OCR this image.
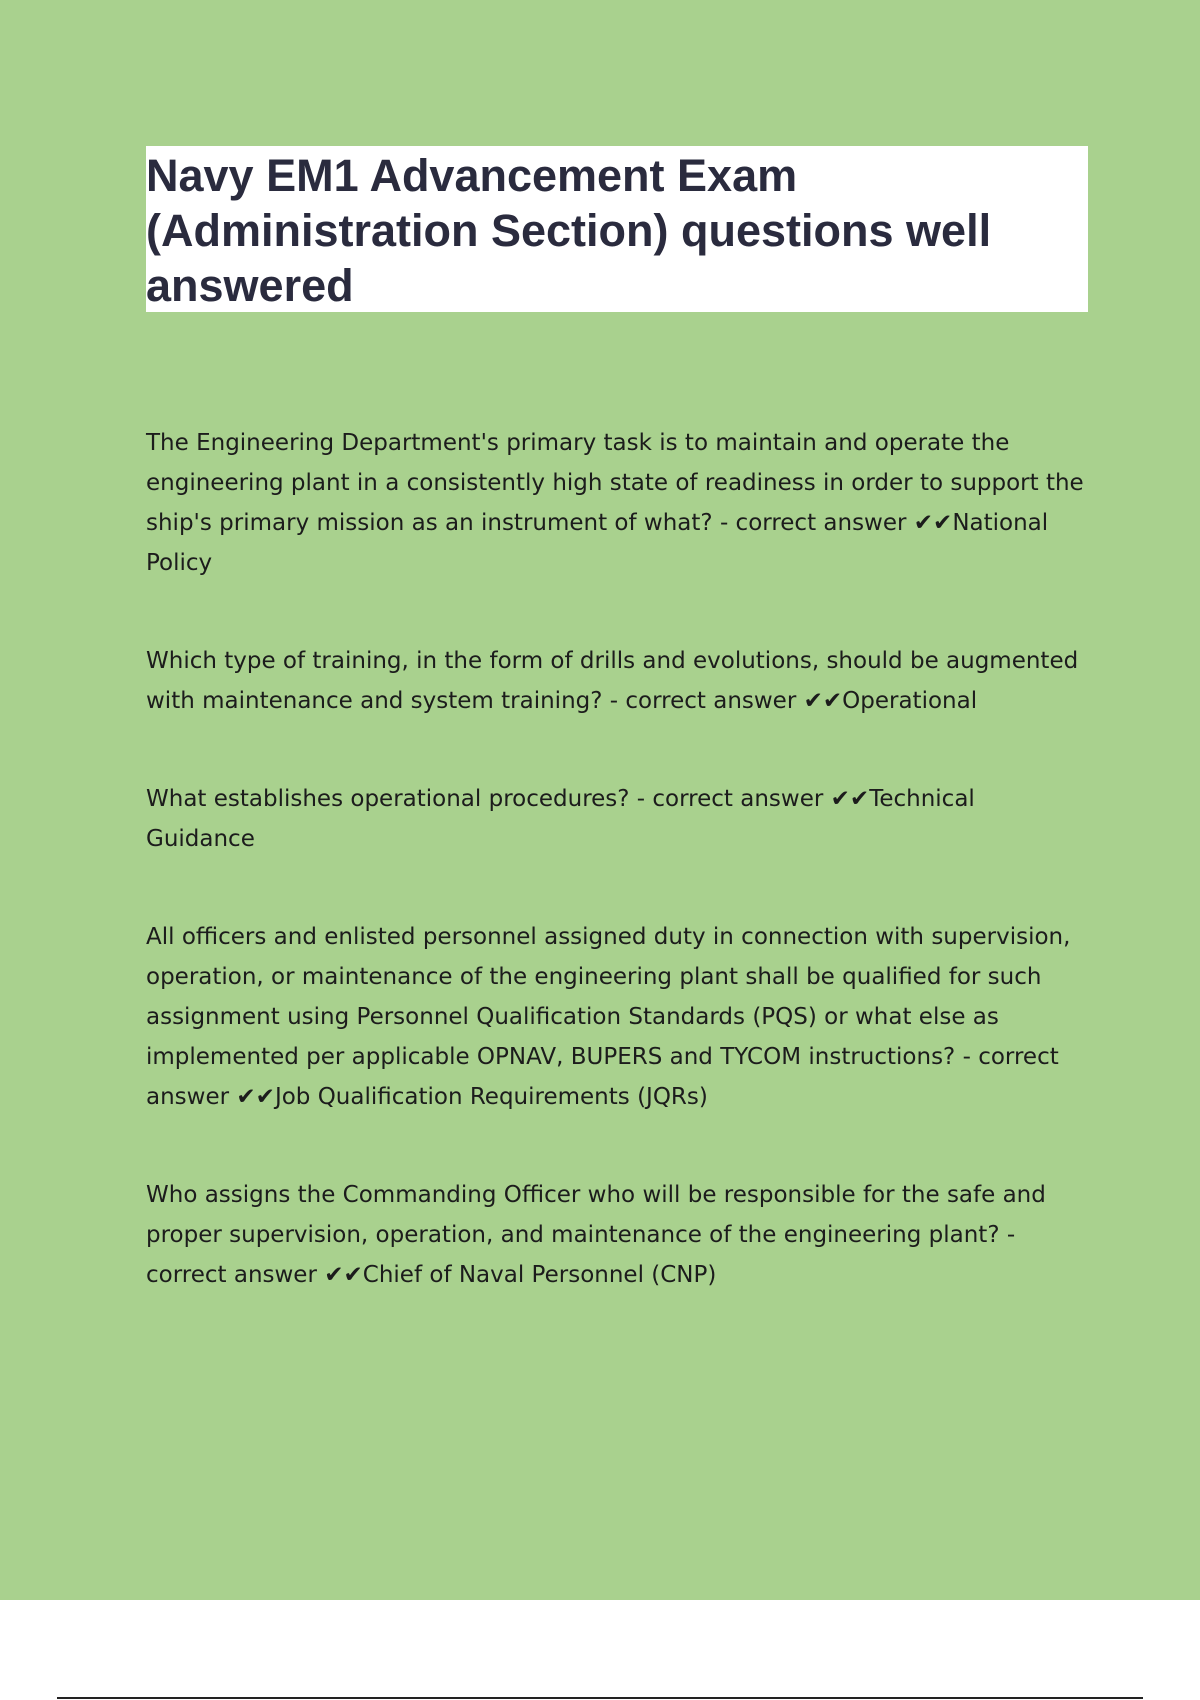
Navy EM1 Advancement Exam (Administration Section) questions well answered

The Engineering Department's primary task is to maintain and operate the engineering plant in a consistently high state of readiness in order to support the ship's primary mission as an instrument of what? - correct answer ✔✔National Policy

Which type of training, in the form of drills and evolutions, should be augmented with maintenance and system training? - correct answer ✔✔Operational

What establishes operational procedures? - correct answer ✔✔Technical Guidance

All officers and enlisted personnel assigned duty in connection with supervision, operation, or maintenance of the engineering plant shall be qualified for such assignment using Personnel Qualification Standards (PQS) or what else as implemented per applicable OPNAV, BUPERS and TYCOM instructions? - correct answer ✔✔Job Qualification Requirements (JQRs)

Who assigns the Commanding Officer who will be responsible for the safe and proper supervision, operation, and maintenance of the engineering plant? - correct answer ✔✔Chief of Naval Personnel (CNP)
